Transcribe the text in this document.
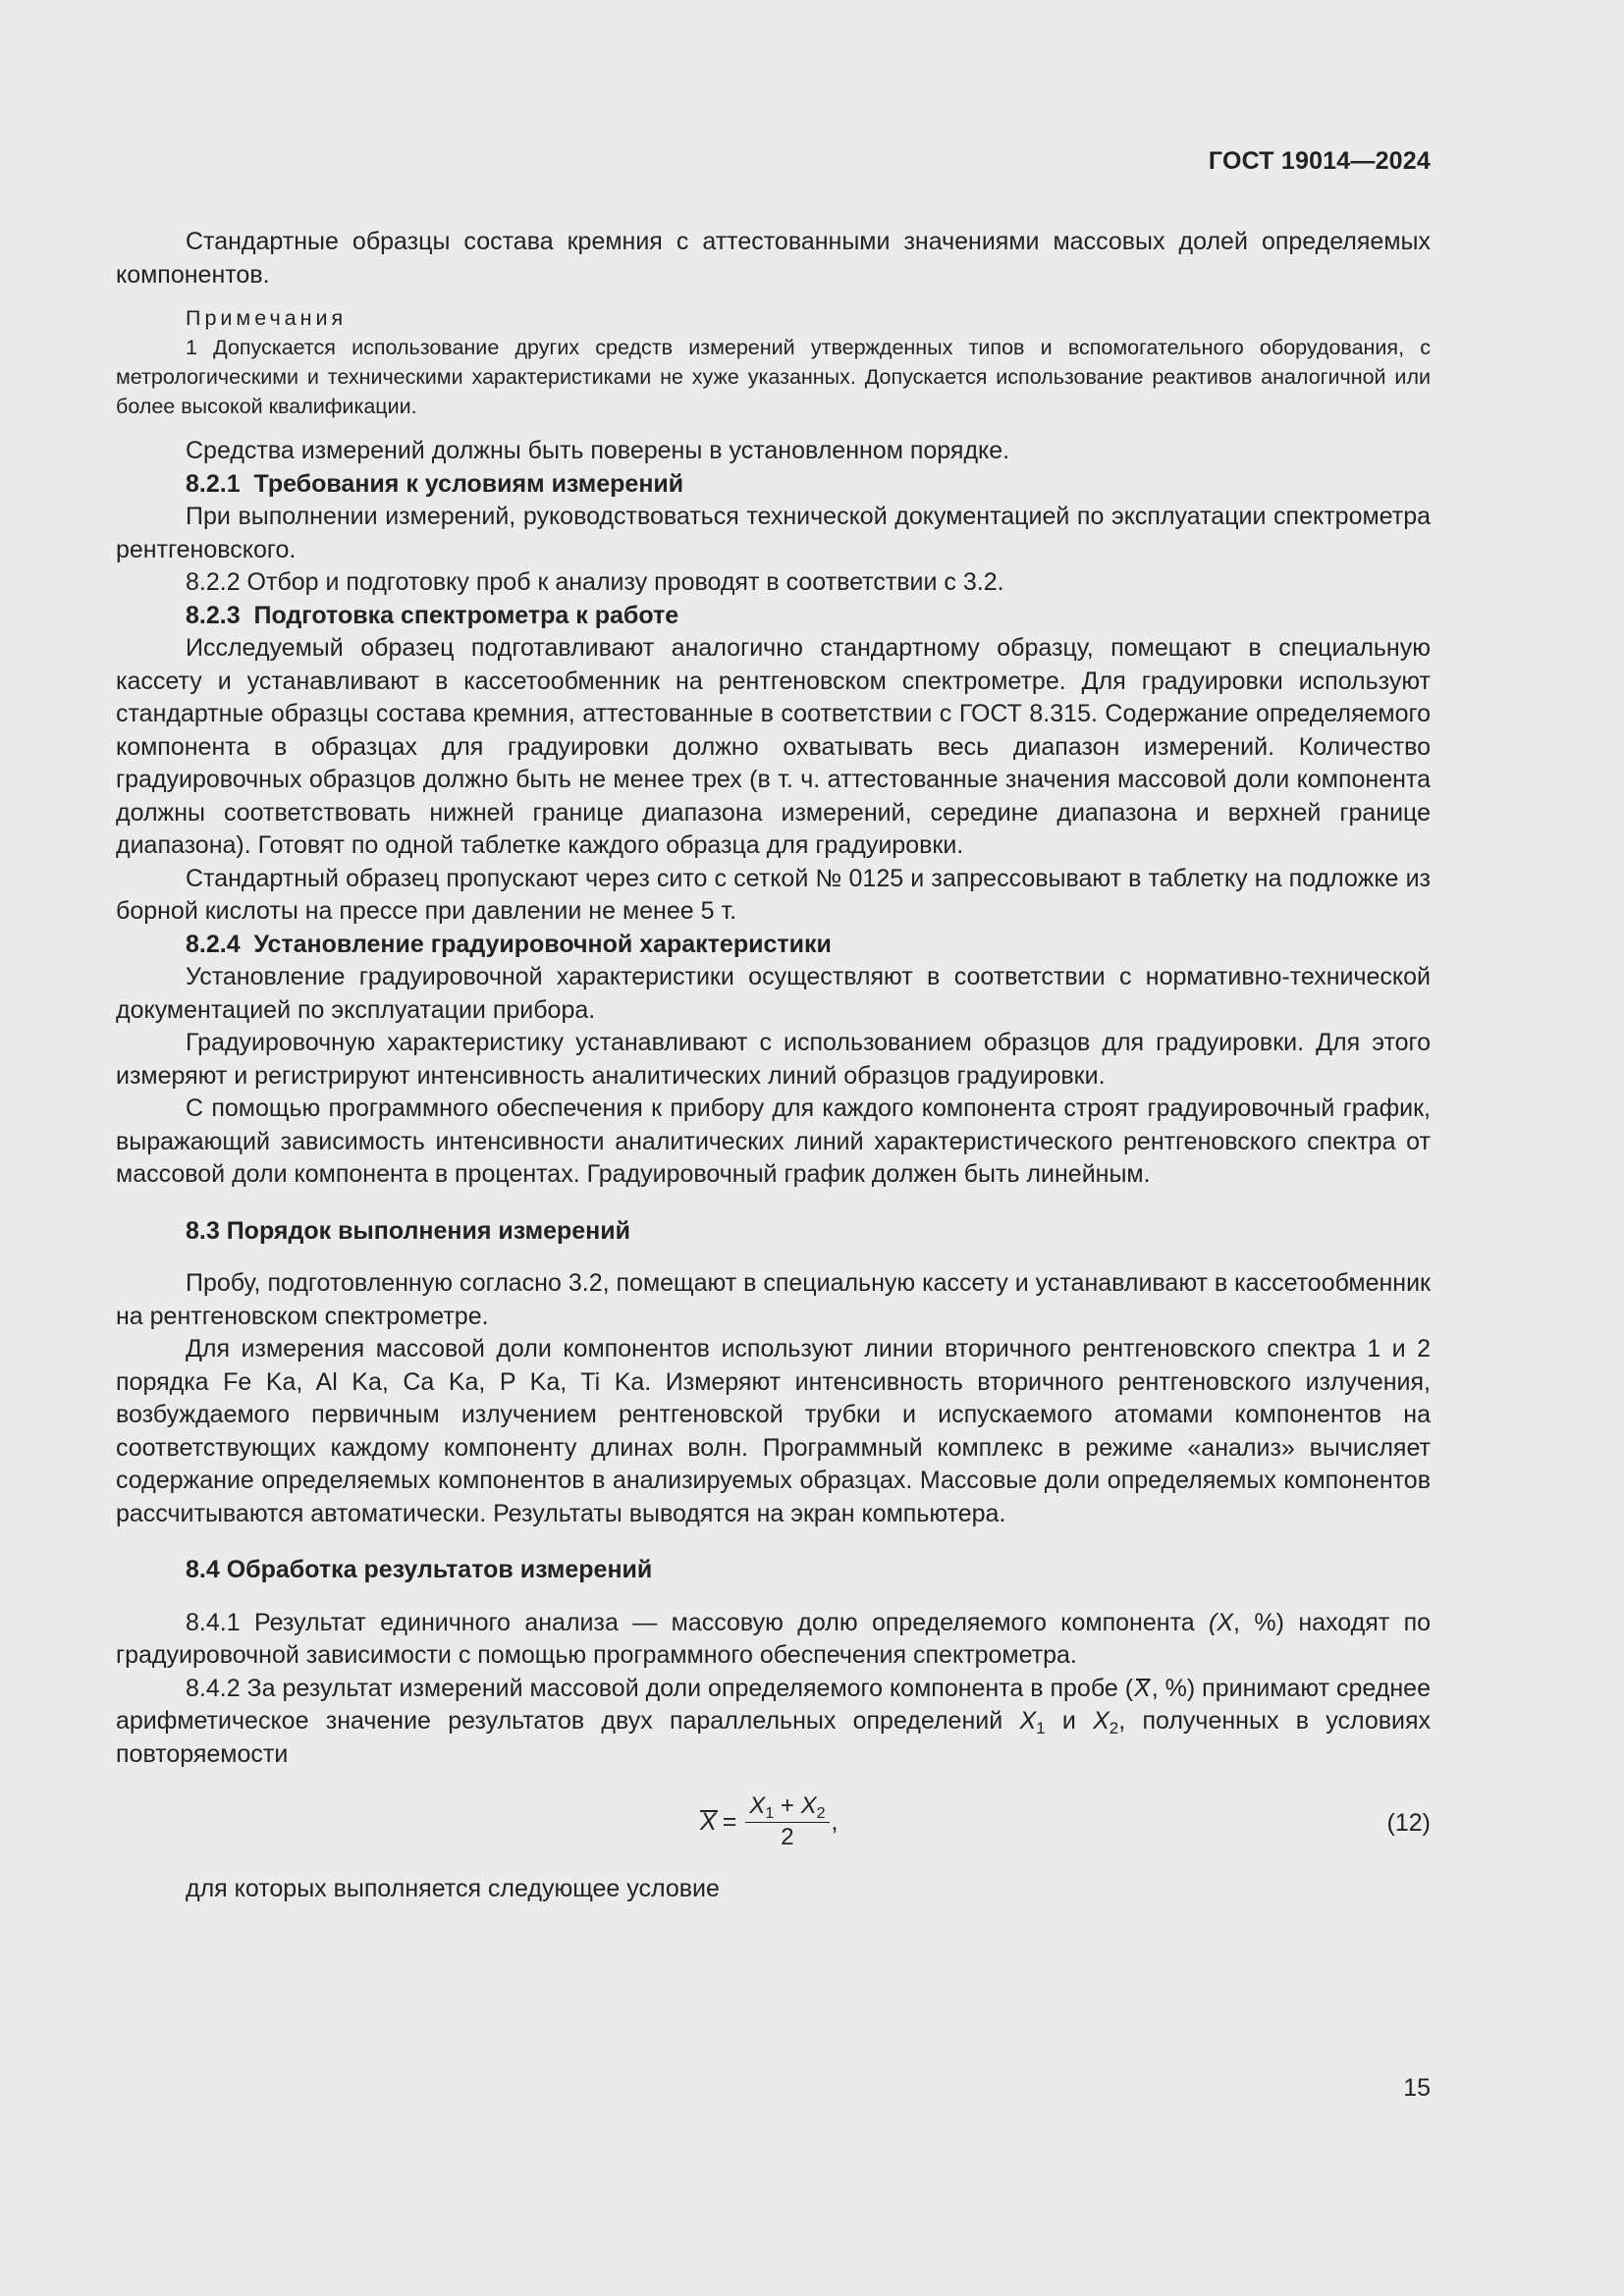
ГОСТ 19014—2024

Стандартные образцы состава кремния с аттестованными значениями массовых долей определяемых компонентов.

Примечания

1 Допускается использование других средств измерений утвержденных типов и вспомогательного оборудования, с метрологическими и техническими характеристиками не хуже указанных. Допускается использование реактивов аналогичной или более высокой квалификации.

Средства измерений должны быть поверены в установленном порядке.

8.2.1 Требования к условиям измерений

При выполнении измерений, руководствоваться технической документацией по эксплуатации спектрометра рентгеновского.

8.2.2 Отбор и подготовку проб к анализу проводят в соответствии с 3.2.

8.2.3 Подготовка спектрометра к работе

Исследуемый образец подготавливают аналогично стандартному образцу, помещают в специальную кассету и устанавливают в кассетообменник на рентгеновском спектрометре. Для градуировки используют стандартные образцы состава кремния, аттестованные в соответствии с ГОСТ 8.315. Содержание определяемого компонента в образцах для градуировки должно охватывать весь диапазон измерений. Количество градуировочных образцов должно быть не менее трех (в т. ч. аттестованные значения массовой доли компонента должны соответствовать нижней границе диапазона измерений, середине диапазона и верхней границе диапазона). Готовят по одной таблетке каждого образца для градуировки.

Стандартный образец пропускают через сито с сеткой № 0125 и запрессовывают в таблетку на подложке из борной кислоты на прессе при давлении не менее 5 т.

8.2.4 Установление градуировочной характеристики

Установление градуировочной характеристики осуществляют в соответствии с нормативно-технической документацией по эксплуатации прибора.

Градуировочную характеристику устанавливают с использованием образцов для градуировки. Для этого измеряют и регистрируют интенсивность аналитических линий образцов градуировки.

С помощью программного обеспечения к прибору для каждого компонента строят градуировочный график, выражающий зависимость интенсивности аналитических линий характеристического рентгеновского спектра от массовой доли компонента в процентах. Градуировочный график должен быть линейным.

8.3 Порядок выполнения измерений

Пробу, подготовленную согласно 3.2, помещают в специальную кассету и устанавливают в кассетообменник на рентгеновском спектрометре.

Для измерения массовой доли компонентов используют линии вторичного рентгеновского спектра 1 и 2 порядка Fe Ka, Al Ka, Ca Ka, P Ka, Ti Ka. Измеряют интенсивность вторичного рентгеновского излучения, возбуждаемого первичным излучением рентгеновской трубки и испускаемого атомами компонентов на соответствующих каждому компоненту длинах волн. Программный комплекс в режиме «анализ» вычисляет содержание определяемых компонентов в анализируемых образцах. Массовые доли определяемых компонентов рассчитываются автоматически. Результаты выводятся на экран компьютера.

8.4 Обработка результатов измерений

8.4.1 Результат единичного анализа — массовую долю определяемого компонента (X, %) находят по градуировочной зависимости с помощью программного обеспечения спектрометра.

8.4.2 За результат измерений массовой доли определяемого компонента в пробе (X, %) принимают среднее арифметическое значение результатов двух параллельных определений $X_1$ и $X_2$, полученных в условиях повторяемости

$X = \frac{X_1 + X_2}{2}$ ,	(12)

для которых выполняется следующее условие

15
